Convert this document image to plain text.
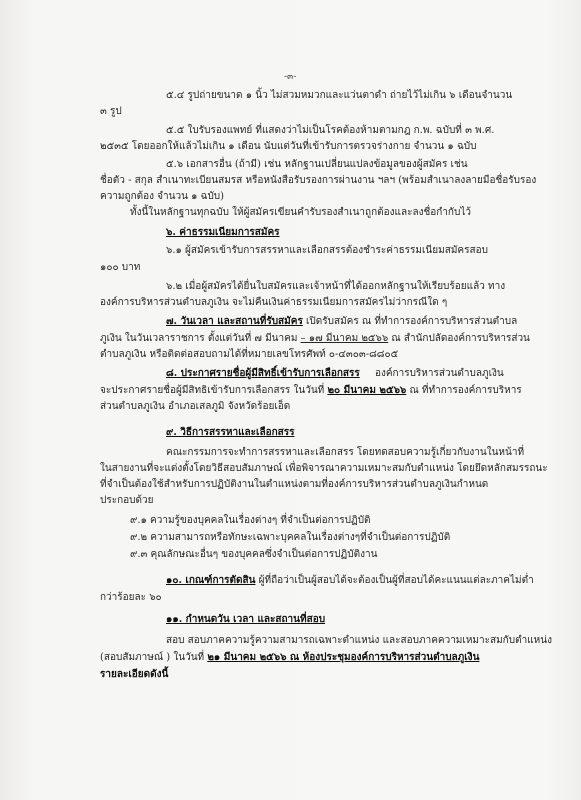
-๓-
๕.๔ รูปถ่ายขนาด ๑ นิ้ว ไม่สวมหมวกและแว่นตาดำ ถ่ายไว้ไม่เกิน ๖ เดือนจำนวน
๓ รูป
๕.๕ ใบรับรองแพทย์ ที่แสดงว่าไม่เป็นโรคต้องห้ามตามกฎ ก.พ. ฉบับที่ ๓ พ.ศ.
๒๕๓๕ โดยออกให้แล้วไม่เกิน ๑ เดือน นับแต่วันที่เข้ารับการตรวจร่างกาย จำนวน ๑ ฉบับ
๕.๖ เอกสารอื่น (ถ้ามี) เช่น หลักฐานเปลี่ยนแปลงข้อมูลของผู้สมัคร เช่น
ชื่อตัว - สกุล สำเนาทะเบียนสมรส หรือหนังสือรับรองการผ่านงาน ฯลฯ (พร้อมสำเนาลงลายมือชื่อรับรอง
ความถูกต้อง จำนวน ๑ ฉบับ)
ทั้งนี้ในหลักฐานทุกฉบับ ให้ผู้สมัครเขียนคำรับรองสำเนาถูกต้องและลงชื่อกำกับไว้
๖. ค่าธรรมเนียมการสมัคร
๖.๑ ผู้สมัครเข้ารับการสรรหาและเลือกสรรต้องชำระค่าธรรมเนียมสมัครสอบ
๑๐๐ บาท
๖.๒ เมื่อผู้สมัครได้ยื่นใบสมัครและเจ้าหน้าที่ได้ออกหลักฐานให้เรียบร้อยแล้ว ทาง
องค์การบริหารส่วนตำบลภูเงิน จะไม่คืนเงินค่าธรรมเนียมการสมัครไม่ว่ากรณีใด ๆ
๗. วันเวลา และสถานที่รับสมัคร เปิดรับสมัคร ณ ที่ทำการองค์การบริหารส่วนตำบล
ภูเงิน ในวันเวลาราชการ ตั้งแต่วันที่ ๗ มีนาคม – ๑๗ มีนาคม ๒๕๖๖ ณ สำนักปลัดองค์การบริหารส่วน
ตำบลภูเงิน หรือติดต่อสอบถามได้ที่หมายเลขโทรศัพท์ ๐-๔๓๐๓-๘๘๐๕
๘. ประกาศรายชื่อผู้มีสิทธิ์เข้ารับการเลือกสรร องค์การบริหารส่วนตำบลภูเงิน
จะประกาศรายชื่อผู้มีสิทธิเข้ารับการเลือกสรร ในวันที่ ๒๐ มีนาคม ๒๕๖๖ ณ ที่ทำการองค์การบริหาร
ส่วนตำบลภูเงิน อำเภอเสลภูมิ จังหวัดร้อยเอ็ด
๙. วิธีการสรรหาและเลือกสรร
คณะกรรมการจะทำการสรรหาและเลือกสรร โดยทดสอบความรู้เกี่ยวกับงานในหน้าที่
ในสายงานที่จะแต่งตั้งโดยวิธีสอบสัมภาษณ์ เพื่อพิจารณาความเหมาะสมกับตำแหน่ง โดยยึดหลักสมรรถนะ
ที่จำเป็นต้องใช้สำหรับการปฏิบัติงานในตำแหน่งตามที่องค์การบริหารส่วนตำบลภูเงินกำหนด
ประกอบด้วย
๙.๑ ความรู้ของบุคคลในเรื่องต่างๆ ที่จำเป็นต่อการปฏิบัติ
๙.๒ ความสามารถหรือทักษะเฉพาะบุคคลในเรื่องต่างๆที่จำเป็นต่อการปฏิบัติ
๙.๓ คุณลักษณะอื่นๆ ของบุคคลซึ่งจำเป็นต่อการปฏิบัติงาน
๑๐. เกณฑ์การตัดสิน ผู้ที่ถือว่าเป็นผู้สอบได้จะต้องเป็นผู้ที่สอบได้คะแนนแต่ละภาคไม่ต่ำ
กว่าร้อยละ ๖๐
๑๑. กำหนดวัน เวลา และสถานที่สอบ
สอบ สอบภาคความรู้ความสามารถเฉพาะตำแหน่ง และสอบภาคความเหมาะสมกับตำแหน่ง
(สอบสัมภาษณ์ ) ในวันที่ ๒๑ มีนาคม ๒๕๖๖ ณ ห้องประชุมองค์การบริหารส่วนตำบลภูเงิน
รายละเอียดดังนี้
